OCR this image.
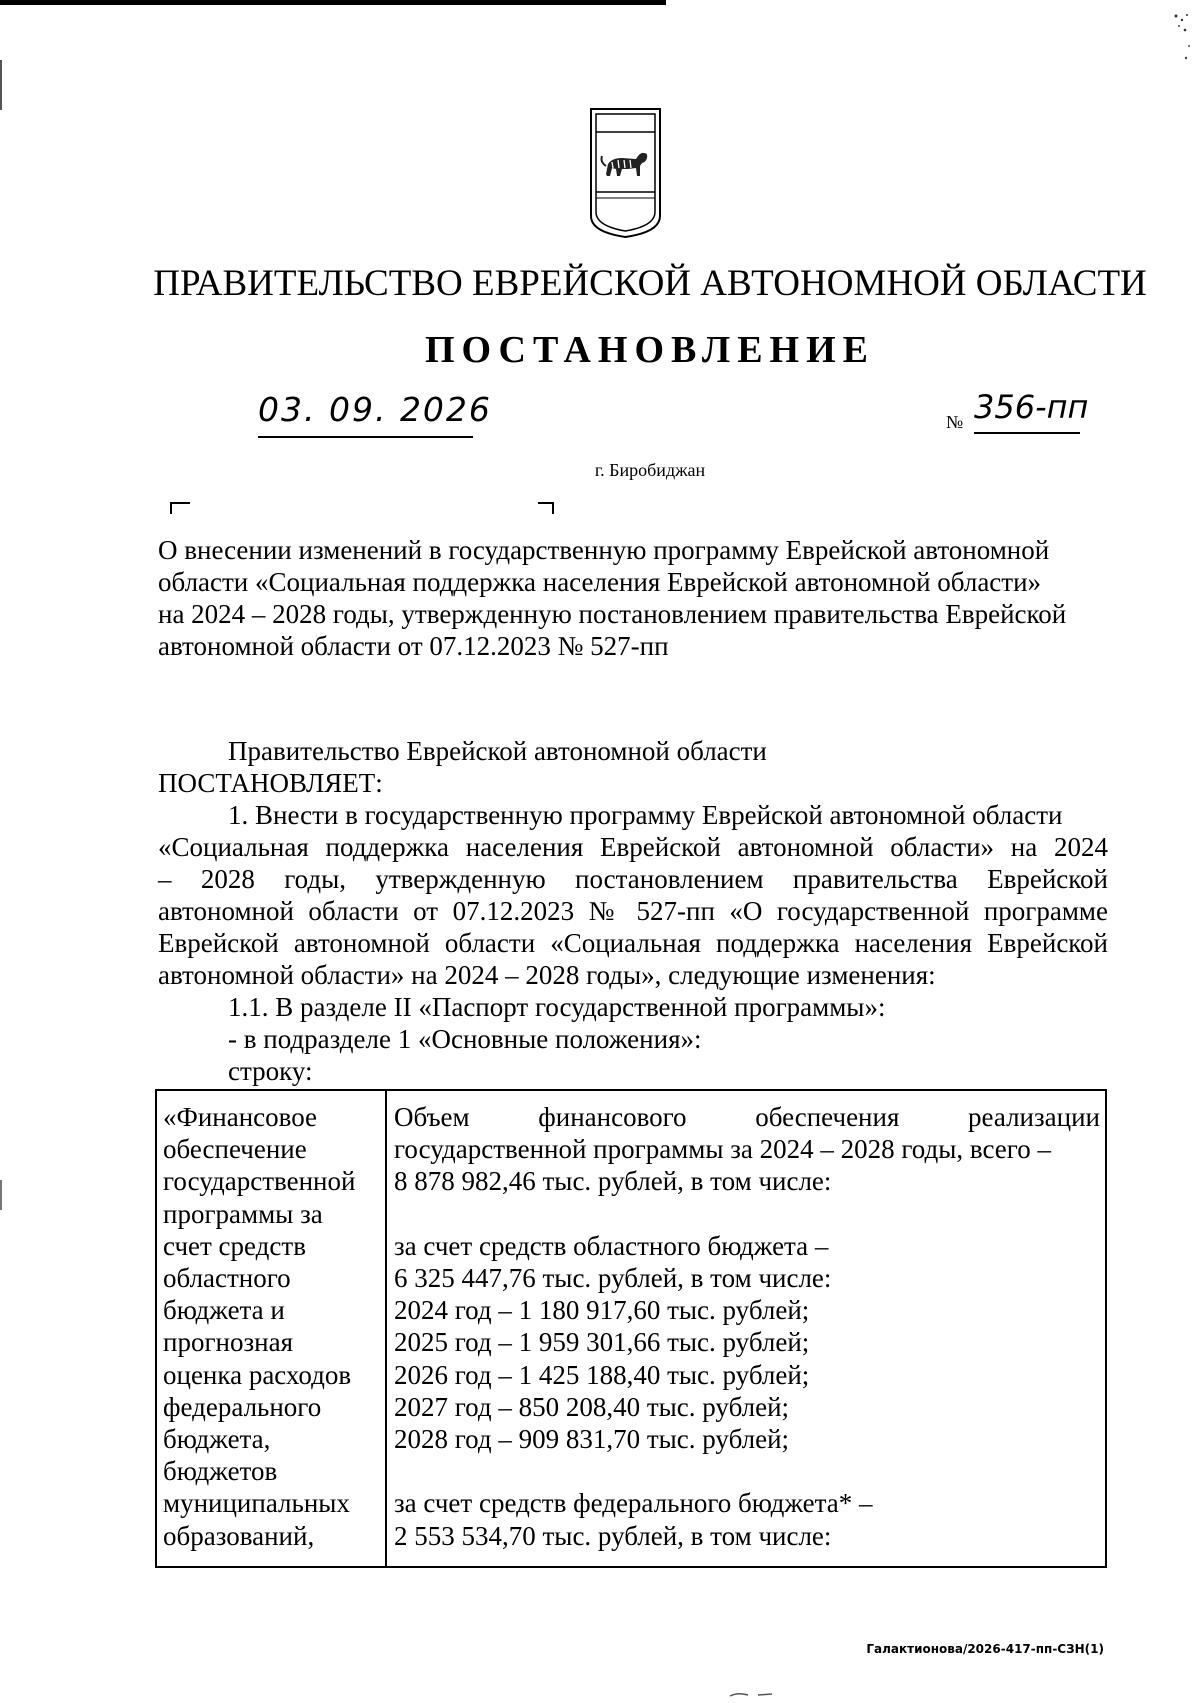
ПРАВИТЕЛЬСТВО ЕВРЕЙСКОЙ АВТОНОМНОЙ ОБЛАСТИ
ПОСТАНОВЛЕНИЕ
03. 09. 2026	№ 356-пп
г. Биробиджан

О внесении изменений в государственную программу Еврейской автономной

области «Социальная поддержка населения Еврейской автономной области»

на 2024 – 2028 годы, утвержденную постановлением правительства Еврейской

автономной области от 07.12.2023 № 527-пп

Правительство Еврейской автономной области

ПОСТАНОВЛЯЕТ:

1. Внести в государственную программу Еврейской автономной области

«Социальная поддержка населения Еврейской автономной области» на 2024

– 2028 годы, утвержденную постановлением правительства Еврейской

автономной области от 07.12.2023 № 527-пп «О государственной программе

Еврейской автономной области «Социальная поддержка населения Еврейской

автономной области» на 2024 – 2028 годы», следующие изменения:

1.1. В разделе II «Паспорт государственной программы»:

- в подразделе 1 «Основные положения»:

строку:

«Финансовое
обеспечение
государственной
программы за
счет средств
областного
бюджета и
прогнозная
оценка расходов
федерального
бюджета,
бюджетов
муниципальных
образований,
Объем финансового обеспечения реализации
государственной программы за 2024 – 2028 годы, всего –
8 878 982,46 тыс. рублей, в том числе:
за счет средств областного бюджета –
6 325 447,76 тыс. рублей, в том числе:
2024 год – 1 180 917,60 тыс. рублей;
2025 год – 1 959 301,66 тыс. рублей;
2026 год – 1 425 188,40 тыс. рублей;
2027 год – 850 208,40 тыс. рублей;
2028 год – 909 831,70 тыс. рублей;
за счет средств федерального бюджета* –
2 553 534,70 тыс. рублей, в том числе:
Галактионова/2026-417-пп-СЗН(1)
